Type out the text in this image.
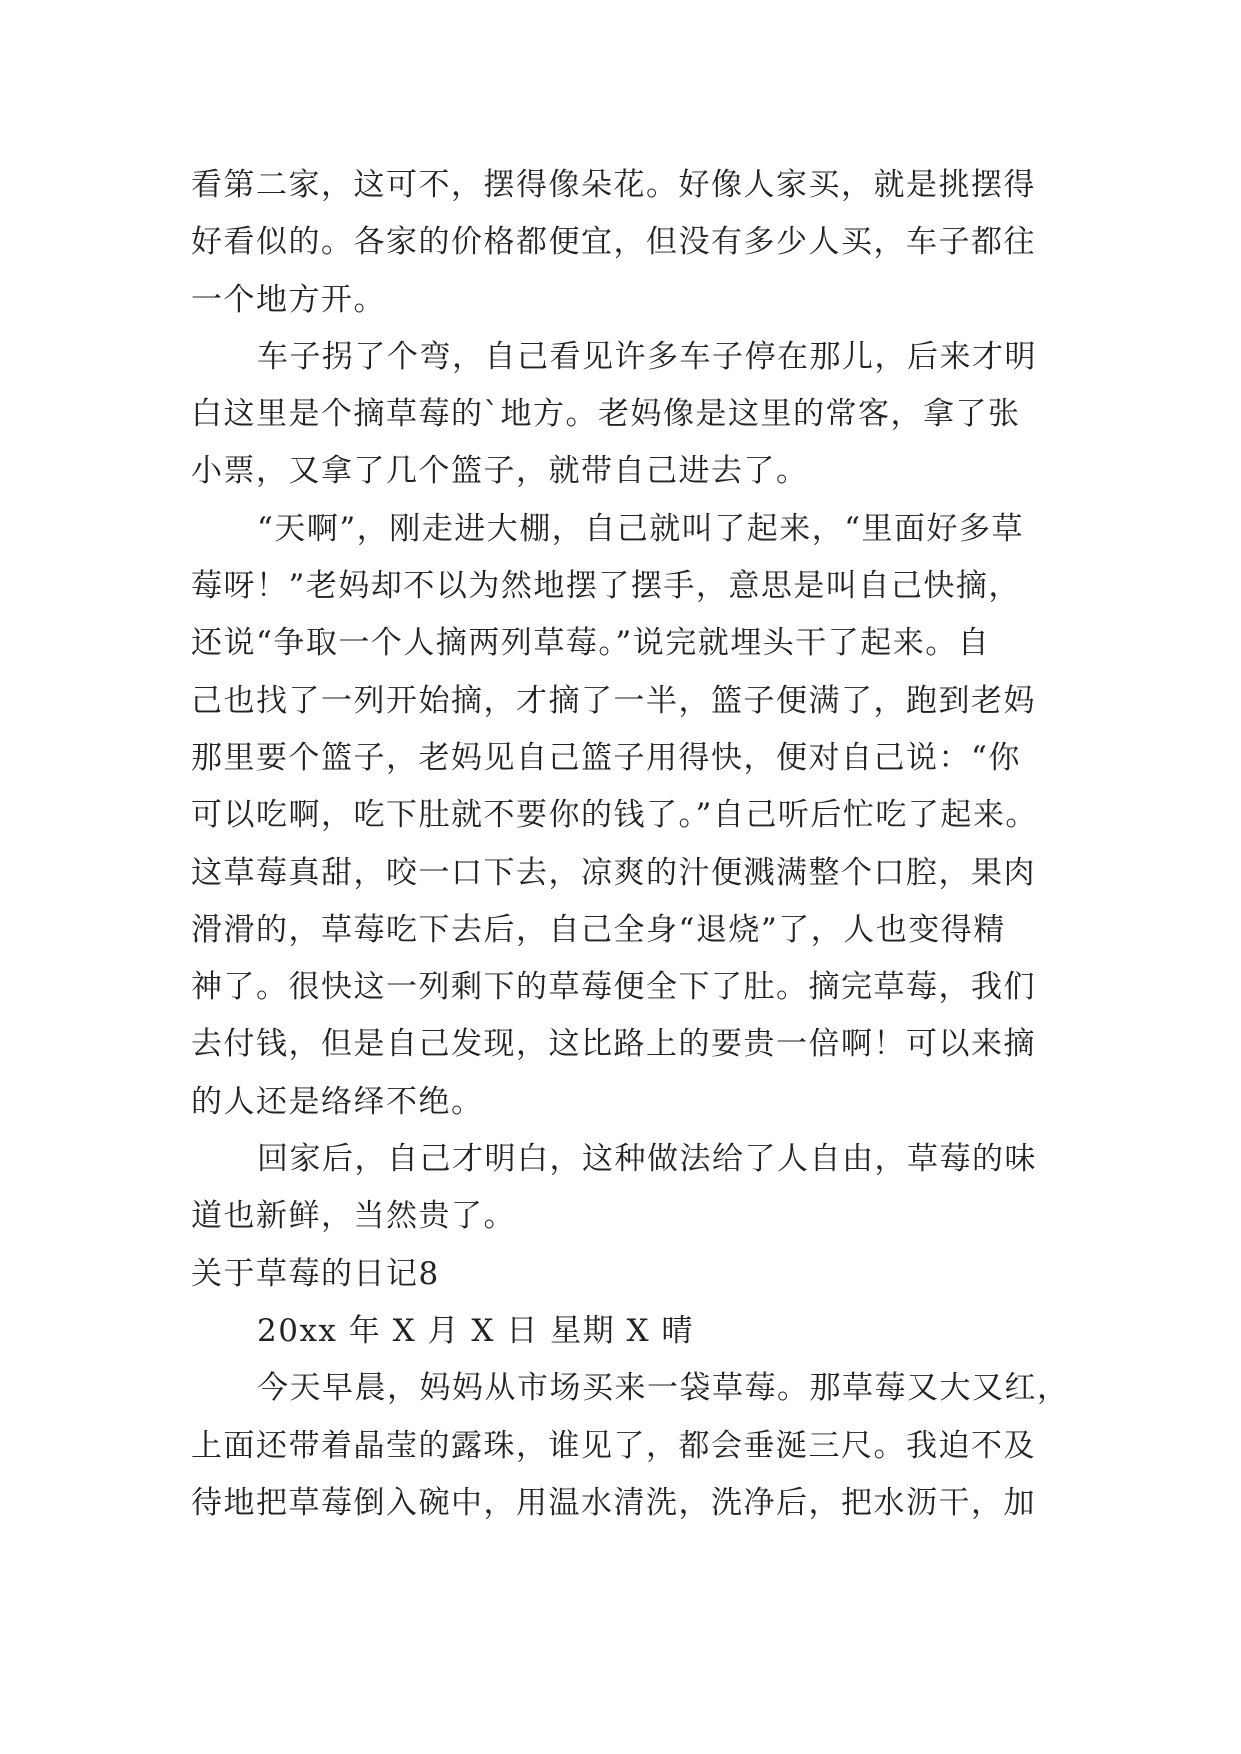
看第二家，这可不，摆得像朵花。好像人家买，就是挑摆得
好看似的。各家的价格都便宜，但没有多少人买，车子都往
一个地方开。
车子拐了个弯，自己看见许多车子停在那儿，后来才明
白这里是个摘草莓的`地方。老妈像是这里的常客，拿了张
小票，又拿了几个篮子，就带自己进去了。
“天啊”，刚走进大棚，自己就叫了起来，“里面好多草
莓呀！”老妈却不以为然地摆了摆手，意思是叫自己快摘，
还说“争取一个人摘两列草莓。”说完就埋头干了起来。自
己也找了一列开始摘，才摘了一半，篮子便满了，跑到老妈
那里要个篮子，老妈见自己篮子用得快，便对自己说：“你
可以吃啊，吃下肚就不要你的钱了。”自己听后忙吃了起来。
这草莓真甜，咬一口下去，凉爽的汁便溅满整个口腔，果肉
滑滑的，草莓吃下去后，自己全身“退烧”了，人也变得精
神了。很快这一列剩下的草莓便全下了肚。摘完草莓，我们
去付钱，但是自己发现，这比路上的要贵一倍啊！可以来摘
的人还是络绎不绝。
回家后，自己才明白，这种做法给了人自由，草莓的味
道也新鲜，当然贵了。
关于草莓的日记8
20xx 年 X 月 X 日 星期 X 晴
今天早晨，妈妈从市场买来一袋草莓。那草莓又大又红，
上面还带着晶莹的露珠，谁见了，都会垂涎三尺。我迫不及
待地把草莓倒入碗中，用温水清洗，洗净后，把水沥干，加
